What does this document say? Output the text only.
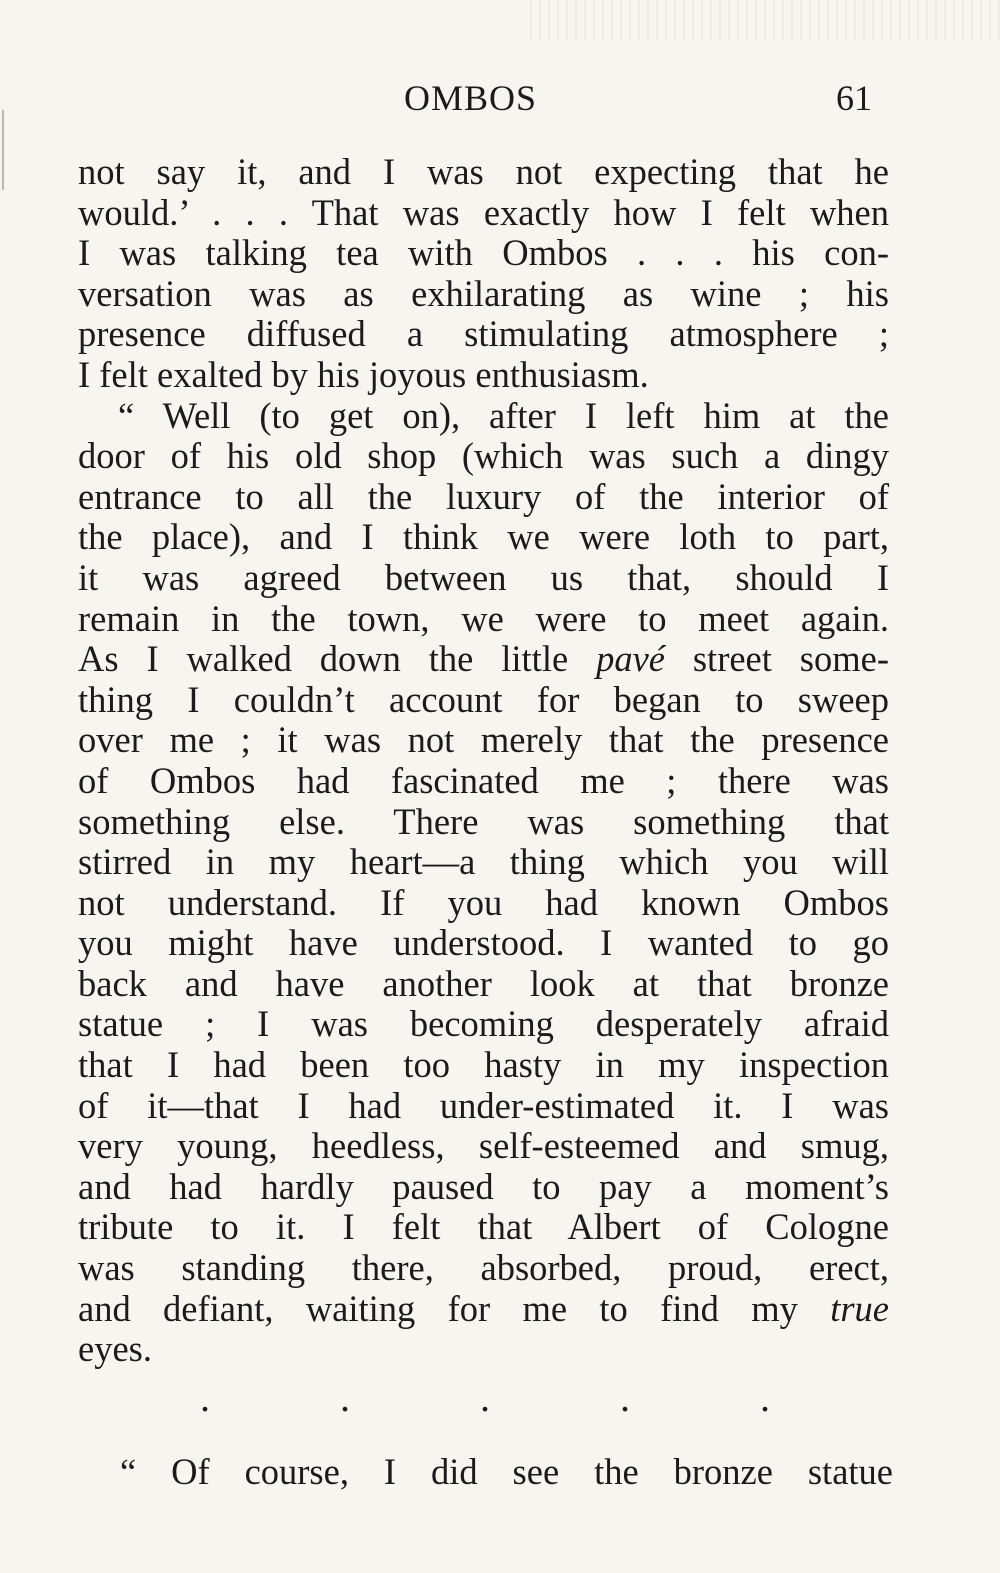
OMBOS	61
not say it, and I was not expecting that he
would.’ . . . That was exactly how I felt when
I was talking tea with Ombos . . . his con-
versation was as exhilarating as wine ; his
presence diffused a stimulating atmosphere ;
I felt exalted by his joyous enthusiasm.
“ Well (to get on), after I left him at the
door of his old shop (which was such a dingy
entrance to all the luxury of the interior of
the place), and I think we were loth to part,
it was agreed between us that, should I
remain in the town, we were to meet again.
As I walked down the little pavé street some-
thing I couldn’t account for began to sweep
over me ; it was not merely that the presence
of Ombos had fascinated me ; there was
something else. There was something that
stirred in my heart—a thing which you will
not understand. If you had known Ombos
you might have understood. I wanted to go
back and have another look at that bronze
statue ; I was becoming desperately afraid
that I had been too hasty in my inspection
of it—that I had under-estimated it. I was
very young, heedless, self-esteemed and smug,
and had hardly paused to pay a moment’s
tribute to it. I felt that Albert of Cologne
was standing there, absorbed, proud, erect,
and defiant, waiting for me to find my true
eyes.
.	.	.	.	.
“ Of course, I did see the bronze statue
